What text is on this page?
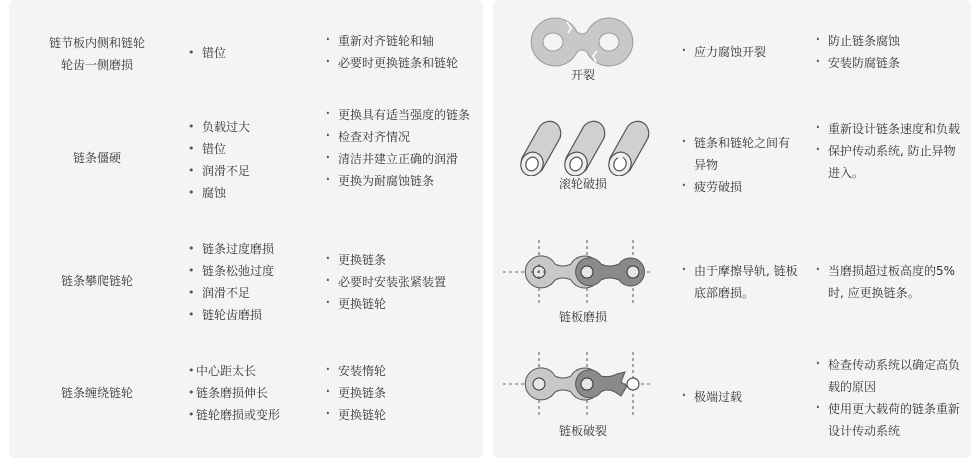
链节板内侧和链轮
轮齿一侧磨损
• 错位
· 重新对齐链轮和轴
· 必要时更换链条和链轮
链条僵硬
• 负载过大
• 错位
• 润滑不足
• 腐蚀
· 更换具有适当强度的链条
· 检查对齐情况
· 清洁并建立正确的润滑
· 更换为耐腐蚀链条
链条攀爬链轮
• 链条过度磨损
• 链条松弛过度
• 润滑不足
• 链轮齿磨损
· 更换链条
· 必要时安装张紧装置
· 更换链轮
链条缠绕链轮
• 中心距太长
• 链条磨损伸长
• 链轮磨损或变形
· 安装惰轮
· 更换链条
· 更换链轮
开裂
· 应力腐蚀开裂
· 防止链条腐蚀
· 安装防腐链条
滚轮破损
· 链条和链轮之间有异物
· 疲劳破损
· 重新设计链条速度和负载
· 保护传动系统, 防止异物进入。
链板磨损
· 由于摩擦导轨, 链板底部磨损。
· 当磨损超过板高度的5%时, 应更换链条。
链板破裂
· 极端过载
· 检查传动系统以确定高负载的原因
· 使用更大载荷的链条重新设计传动系统
